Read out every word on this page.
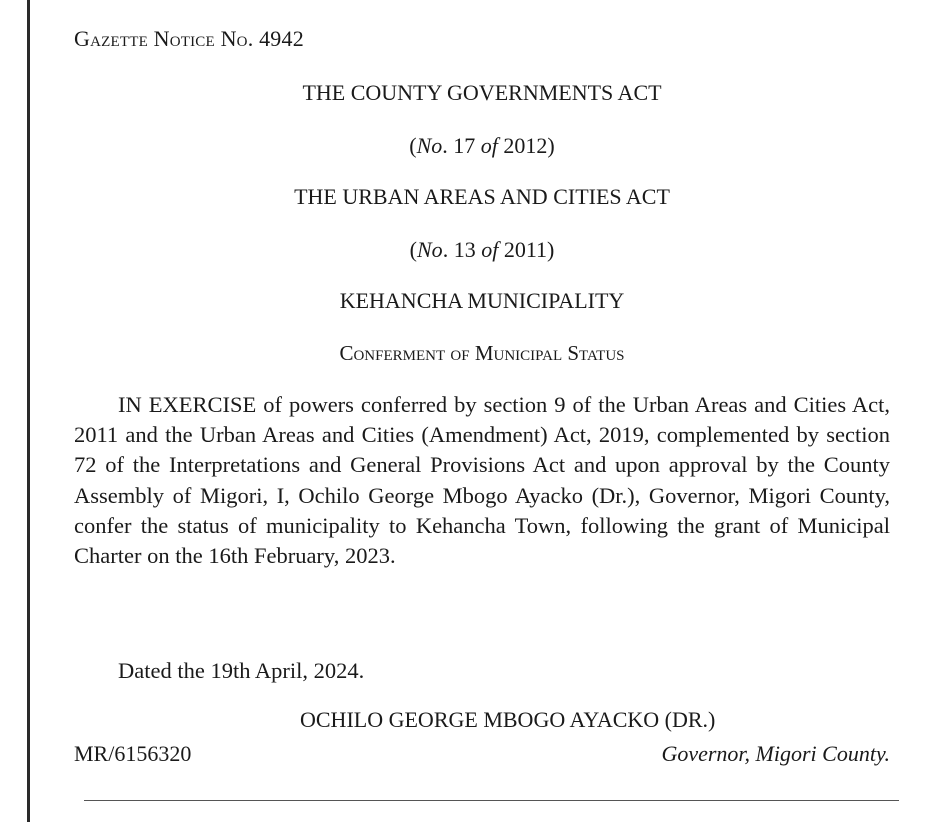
Gazette Notice No. 4942
THE COUNTY GOVERNMENTS ACT
(No. 17 of 2012)
THE URBAN AREAS AND CITIES ACT
(No. 13 of 2011)
KEHANCHA MUNICIPALITY
Conferment of Municipal Status

IN EXERCISE of powers conferred by section 9 of the Urban Areas and Cities Act, 2011 and the Urban Areas and Cities (Amendment) Act, 2019, complemented by section 72 of the Interpretations and General Provisions Act and upon approval by the County Assembly of Migori, I, Ochilo George Mbogo Ayacko (Dr.), Governor, Migori County, confer the status of municipality to Kehancha Town, following the grant of Municipal Charter on the 16th February, 2023.

Dated the 19th April, 2024.
OCHILO GEORGE MBOGO AYACKO (DR.)
MR/6156320	Governor, Migori County.
